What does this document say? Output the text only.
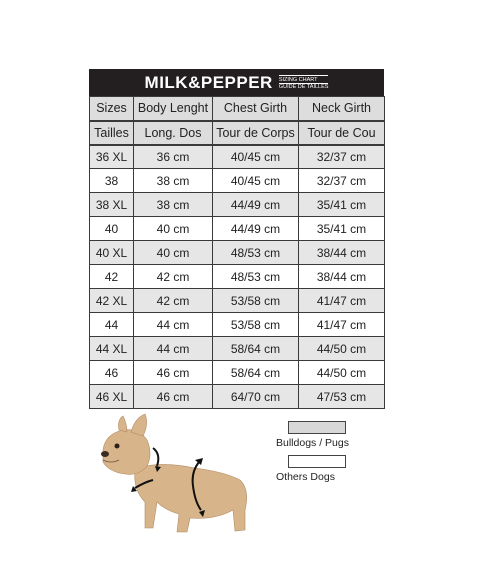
MILK&PEPPER SIZING CHART
GUIDE DE TAILLES
Sizes	Body Lenght	Chest Girth	Neck Girth
Tailles	Long. Dos	Tour de Corps	Tour de Cou
36 XL	36 cm	40/45 cm	32/37 cm
38	38 cm	40/45 cm	32/37 cm
38 XL	38 cm	44/49 cm	35/41 cm
40	40 cm	44/49 cm	35/41 cm
40 XL	40 cm	48/53 cm	38/44 cm
42	42 cm	48/53 cm	38/44 cm
42 XL	42 cm	53/58 cm	41/47 cm
44	44 cm	53/58 cm	41/47 cm
44 XL	44 cm	58/64 cm	44/50 cm
46	46 cm	58/64 cm	44/50 cm
46 XL	46 cm	64/70 cm	47/53 cm
Bulldogs / Pugs
Others Dogs
